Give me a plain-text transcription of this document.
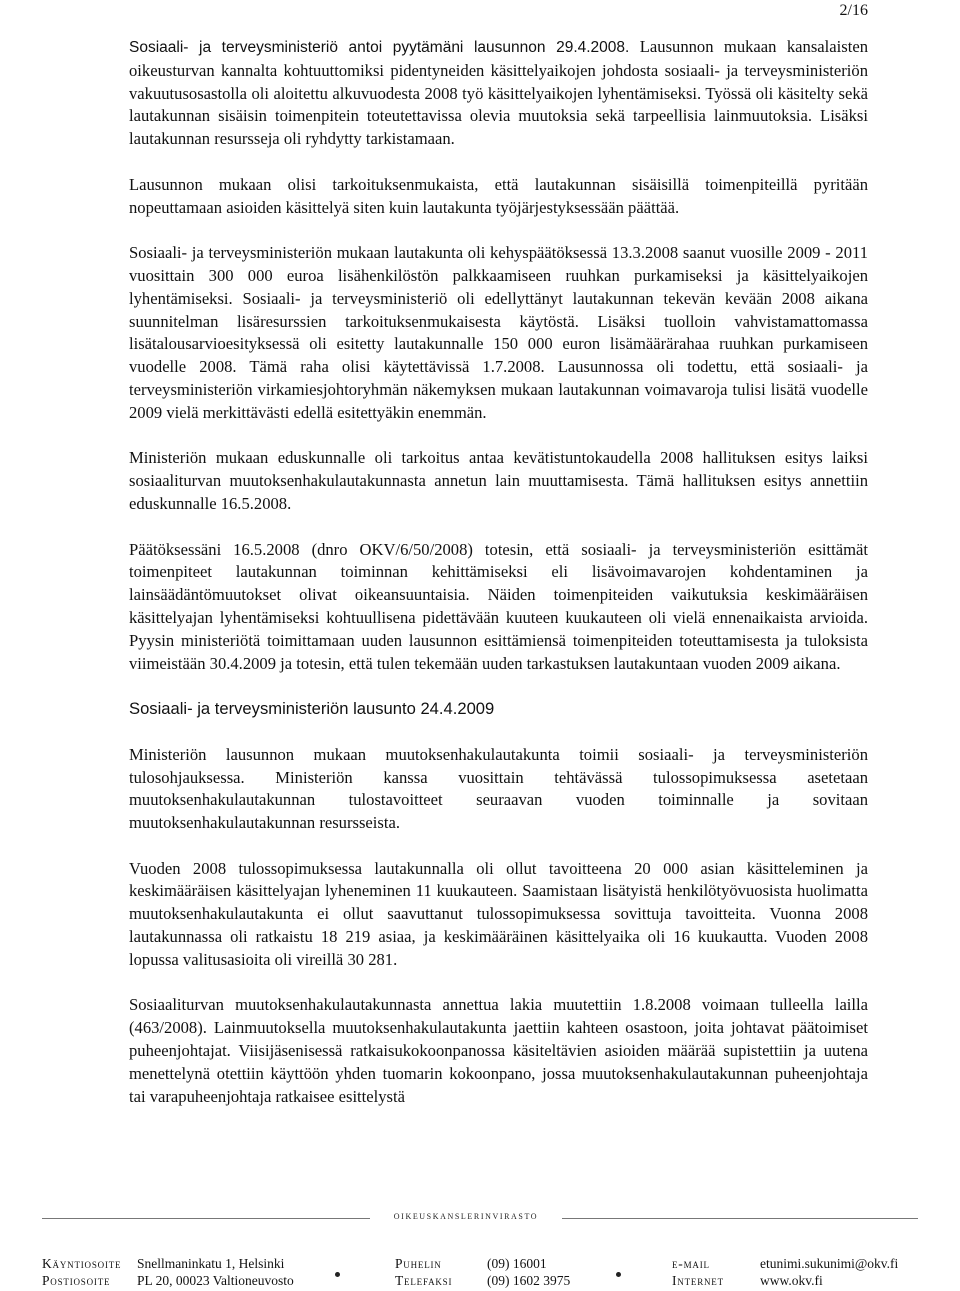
2/16

Sosiaali- ja terveysministeriö antoi pyytämäni lausunnon 29.4.2008. Lausunnon mukaan kansalaisten oikeusturvan kannalta kohtuuttomiksi pidentyneiden käsittelyaikojen johdosta sosiaali- ja terveysministeriön vakuutusosastolla oli aloitettu alkuvuodesta 2008 työ käsittelyaikojen lyhentämiseksi. Työssä oli käsitelty sekä lautakunnan sisäisin toimenpitein toteutettavissa olevia muutoksia sekä tarpeellisia lainmuutoksia. Lisäksi lautakunnan resursseja oli ryhdytty tarkistamaan.

Lausunnon mukaan olisi tarkoituksenmukaista, että lautakunnan sisäisillä toimenpiteillä pyritään nopeuttamaan asioiden käsittelyä siten kuin lautakunta työjärjestyksessään päättää.

Sosiaali- ja terveysministeriön mukaan lautakunta oli kehyspäätöksessä 13.3.2008 saanut vuosille 2009 - 2011 vuosittain 300 000 euroa lisähenkilöstön palkkaamiseen ruuhkan purkamiseksi ja käsittelyaikojen lyhentämiseksi. Sosiaali- ja terveysministeriö oli edellyttänyt lautakunnan tekevän kevään 2008 aikana suunnitelman lisäresurssien tarkoituksenmukaisesta käytöstä. Lisäksi tuolloin vahvistamattomassa lisätalousarvioesityksessä oli esitetty lautakunnalle 150 000 euron lisämäärärahaa ruuhkan purkamiseen vuodelle 2008. Tämä raha olisi käytettävissä 1.7.2008. Lausunnossa oli todettu, että sosiaali- ja terveysministeriön virkamiesjohtoryhmän näkemyksen mukaan lautakunnan voimavaroja tulisi lisätä vuodelle 2009 vielä merkittävästi edellä esitettyäkin enemmän.

Ministeriön mukaan eduskunnalle oli tarkoitus antaa kevätistuntokaudella 2008 hallituksen esitys laiksi sosiaaliturvan muutoksenhakulautakunnasta annetun lain muuttamisesta. Tämä hallituksen esitys annettiin eduskunnalle 16.5.2008.

Päätöksessäni 16.5.2008 (dnro OKV/6/50/2008) totesin, että sosiaali- ja terveysministeriön esittämät toimenpiteet lautakunnan toiminnan kehittämiseksi eli lisävoimavarojen kohdentaminen ja lainsäädäntömuutokset olivat oikeansuuntaisia. Näiden toimenpiteiden vaikutuksia keskimääräisen käsittelyajan lyhentämiseksi kohtuullisena pidettävään kuuteen kuukauteen oli vielä ennenaikaista arvioida. Pyysin ministeriötä toimittamaan uuden lausunnon esittämiensä toimenpiteiden toteuttamisesta ja tuloksista viimeistään 30.4.2009 ja totesin, että tulen tekemään uuden tarkastuksen lautakuntaan vuoden 2009 aikana.

Sosiaali- ja terveysministeriön lausunto 24.4.2009

Ministeriön lausunnon mukaan muutoksenhakulautakunta toimii sosiaali- ja terveysministeriön tulosohjauksessa. Ministeriön kanssa vuosittain tehtävässä tulossopimuksessa asetetaan muutoksenhakulautakunnan tulostavoitteet seuraavan vuoden toiminnalle ja sovitaan muutoksenhakulautakunnan resursseista.

Vuoden 2008 tulossopimuksessa lautakunnalla oli ollut tavoitteena 20 000 asian käsitteleminen ja keskimääräisen käsittelyajan lyheneminen 11 kuukauteen. Saamistaan lisätyistä henkilötyövuosista huolimatta muutoksenhakulautakunta ei ollut saavuttanut tulossopimuksessa sovittuja tavoitteita. Vuonna 2008 lautakunnassa oli ratkaistu 18 219 asiaa, ja keskimääräinen käsittelyaika oli 16 kuukautta. Vuoden 2008 lopussa valitusasioita oli vireillä 30 281.

Sosiaaliturvan muutoksenhakulautakunnasta annettua lakia muutettiin 1.8.2008 voimaan tulleella lailla (463/2008). Lainmuutoksella muutoksenhakulautakunta jaettiin kahteen osastoon, joita johtavat päätoimiset puheenjohtajat. Viisijäsenisessä ratkaisukokoonpanossa käsiteltävien asioiden määrää supistettiin ja uutena menettelynä otettiin käyttöön yhden tuomarin kokoonpano, jossa muutoksenhakulautakunnan puheenjohtaja tai varapuheenjohtaja ratkaisee esittelystä

oikeuskanslerinvirasto
Käyntiosoite Snellmaninkatu 1, Helsinki
Postiosoite PL 20, 00023 Valtioneuvosto
Puhelin	(09) 16001
Telefaksi	(09) 1602 3975
e-mail	etunimi.sukunimi@okv.fi
Internet	www.okv.fi
